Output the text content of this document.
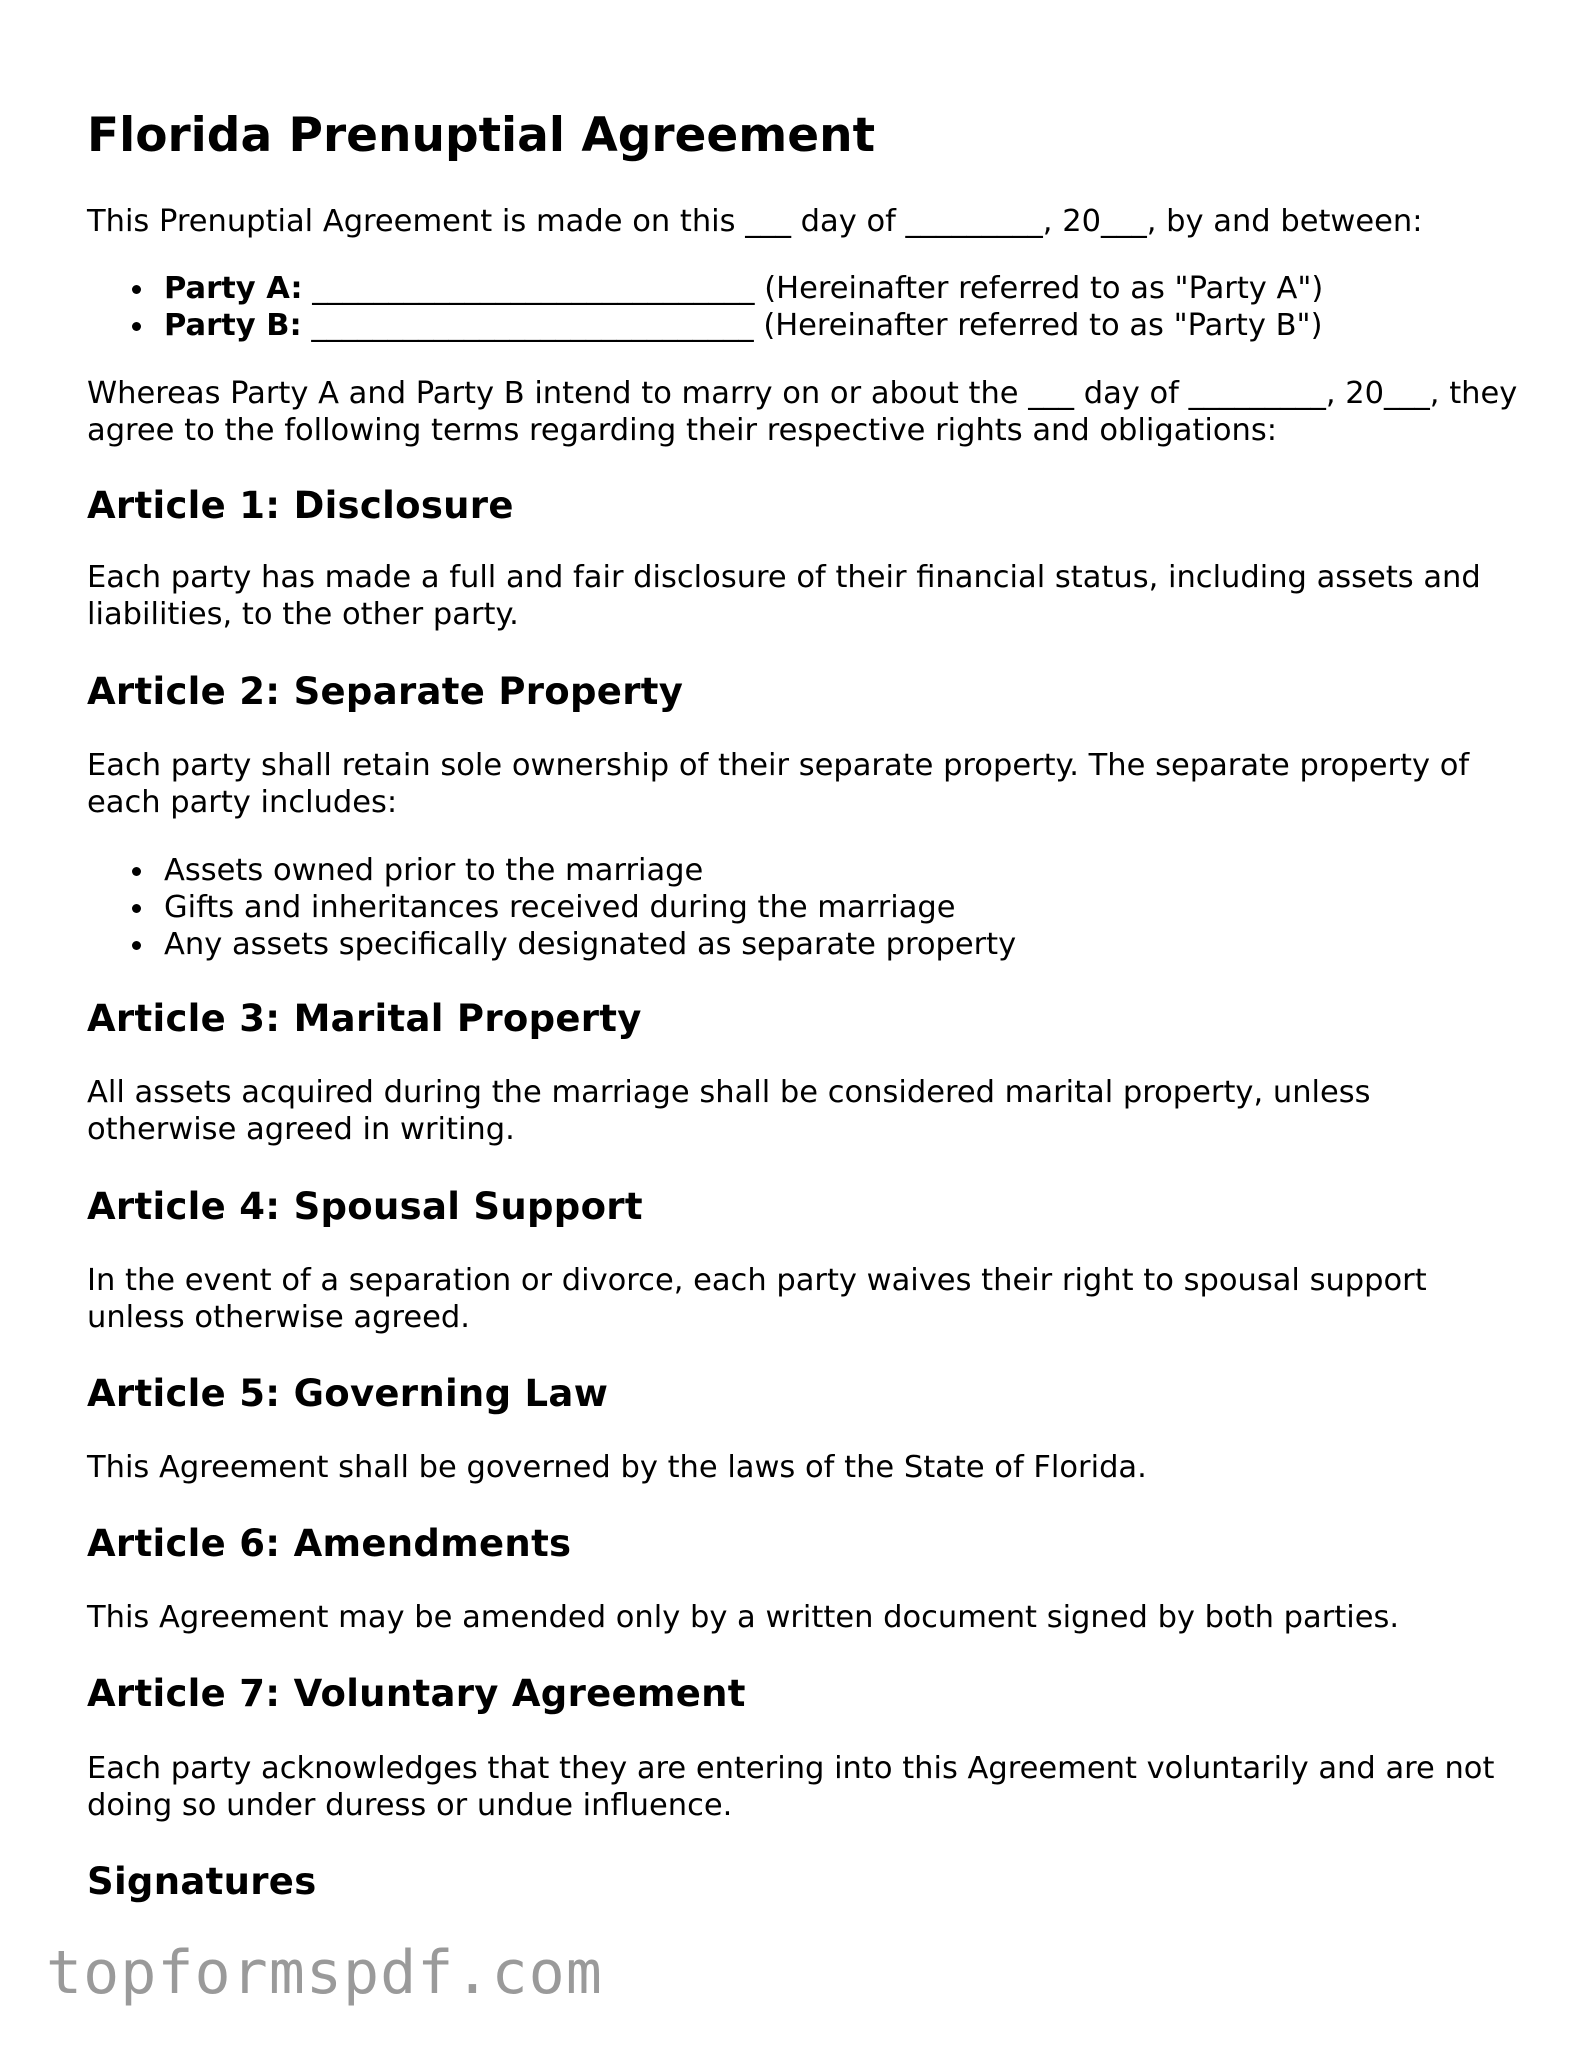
Florida Prenuptial Agreement

This Prenuptial Agreement is made on this ___ day of _________, 20___, by and between:

Party A: _____________________________ (Hereinafter referred to as "Party A")
Party B: _____________________________ (Hereinafter referred to as "Party B")

Whereas Party A and Party B intend to marry on or about the ___ day of _________, 20___, they agree to the following terms regarding their respective rights and obligations:

Article 1: Disclosure

Each party has made a full and fair disclosure of their financial status, including assets and liabilities, to the other party.

Article 2: Separate Property

Each party shall retain sole ownership of their separate property. The separate property of each party includes:

Assets owned prior to the marriage
Gifts and inheritances received during the marriage
Any assets specifically designated as separate property
Article 3: Marital Property

All assets acquired during the marriage shall be considered marital property, unless otherwise agreed in writing.

Article 4: Spousal Support

In the event of a separation or divorce, each party waives their right to spousal support unless otherwise agreed.

Article 5: Governing Law

This Agreement shall be governed by the laws of the State of Florida.

Article 6: Amendments

This Agreement may be amended only by a written document signed by both parties.

Article 7: Voluntary Agreement

Each party acknowledges that they are entering into this Agreement voluntarily and are not doing so under duress or undue influence.

Signatures
topformspdf.com
